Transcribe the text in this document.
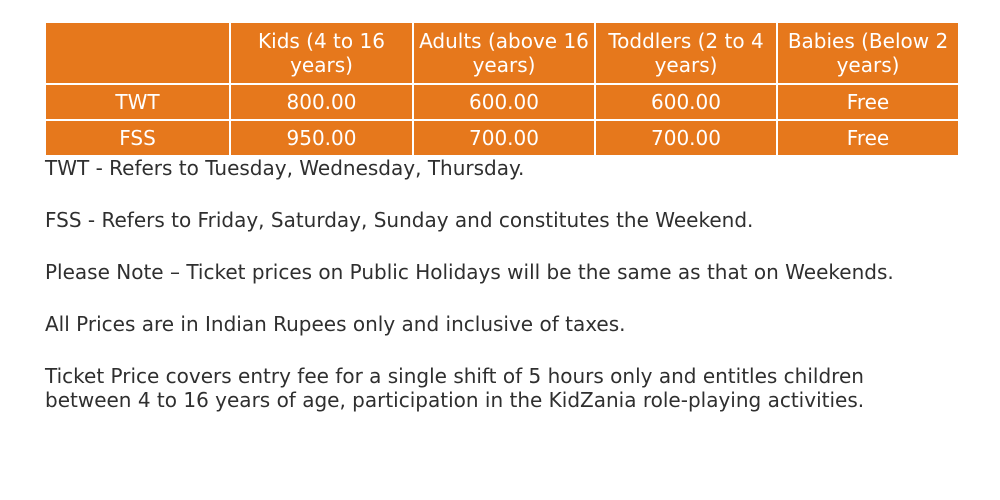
	Kids (4 to 16 years)	Adults (above 16 years)	Toddlers (2 to 4 years)	Babies (Below 2 years)
TWT	800.00	600.00	600.00	Free
FSS	950.00	700.00	700.00	Free

TWT - Refers to Tuesday, Wednesday, Thursday.

FSS - Refers to Friday, Saturday, Sunday and constitutes the Weekend.

Please Note – Ticket prices on Public Holidays will be the same as that on Weekends.

All Prices are in Indian Rupees only and inclusive of taxes.

Ticket Price covers entry fee for a single shift of 5 hours only and entitles children between 4 to 16 years of age, participation in the KidZania role-playing activities.
